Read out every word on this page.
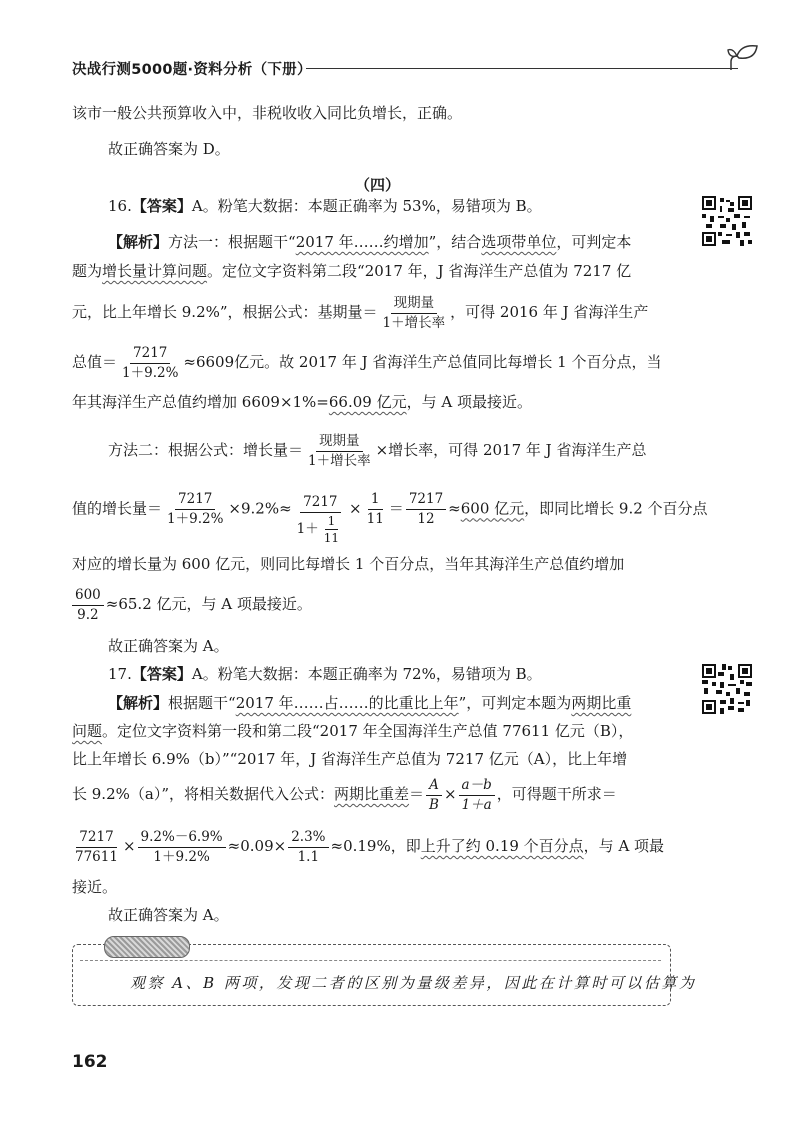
决战行测5000题·资料分析（下册）
该市一般公共预算收入中，非税收收入同比负增长，正确。
故正确答案为 D。
（四）
16.【答案】A。粉笔大数据：本题正确率为 53%，易错项为 B。
【解析】方法一：根据题干“2017 年……约增加”，结合选项带单位，可判定本
题为增长量计算问题。定位文字资料第二段“2017 年，J 省海洋生产总值为 7217 亿
元，比上年增长 9.2%”，根据公式：基期量＝ $\frac{\text{现期量}}{\text{1＋增长率}}$ ，可得 2016 年 J 省海洋生产
总值＝ $\frac{7217}{1+9.2\%} \approx 6609$亿元。故 2017 年 J 省海洋生产总值同比每增长 1 个百分点，当
年其海洋生产总值约增加 6609×1%=66.09 亿元，与 A 项最接近。
方法二：根据公式：增长量＝ $\frac{\text{现期量}}{\text{1＋增长率}}$ ×增长率，可得 2017 年 J 省海洋生产总
值的增长量＝ $\frac{7217}{1+9.2\%} \times 9.2\%\approx \frac{7217}{1+ \frac{1}{11}} \times \frac{1}{11} = \frac{7217}{12} \approx 600$ 亿元，即同比增长 9.2 个百分点
对应的增长量为 600 亿元，则同比每增长 1 个百分点，当年其海洋生产总值约增加
$\frac{600}{9.2} \approx 65.2$ 亿元，与 A 项最接近。
故正确答案为 A。
17.【答案】A。粉笔大数据：本题正确率为 72%，易错项为 B。
【解析】根据题干“2017 年……占……的比重比上年”，可判定本题为两期比重
问题。定位文字资料第一段和第二段“2017 年全国海洋生产总值 77611 亿元（B），
比上年增长 6.9%（b）”“2017 年，J 省海洋生产总值为 7217 亿元（A），比上年增
长 9.2%（a）”，将相关数据代入公式：两期比重差＝ $\frac{A}{B} \times \frac{a-b}{1+a}$ ，可得题干所求＝
$\frac{7217}{77611} \times \frac{9.2\%-6.9\%}{1+9.2\%} \approx 0.09\times \frac{2.3\%}{1.1} \approx 0.19\%$，即上升了约 0.19 个百分点，与 A 项最
接近。
故正确答案为 A。
观察 A、B 两项，发现二者的区别为量级差异，因此在计算时可以估算为
162
